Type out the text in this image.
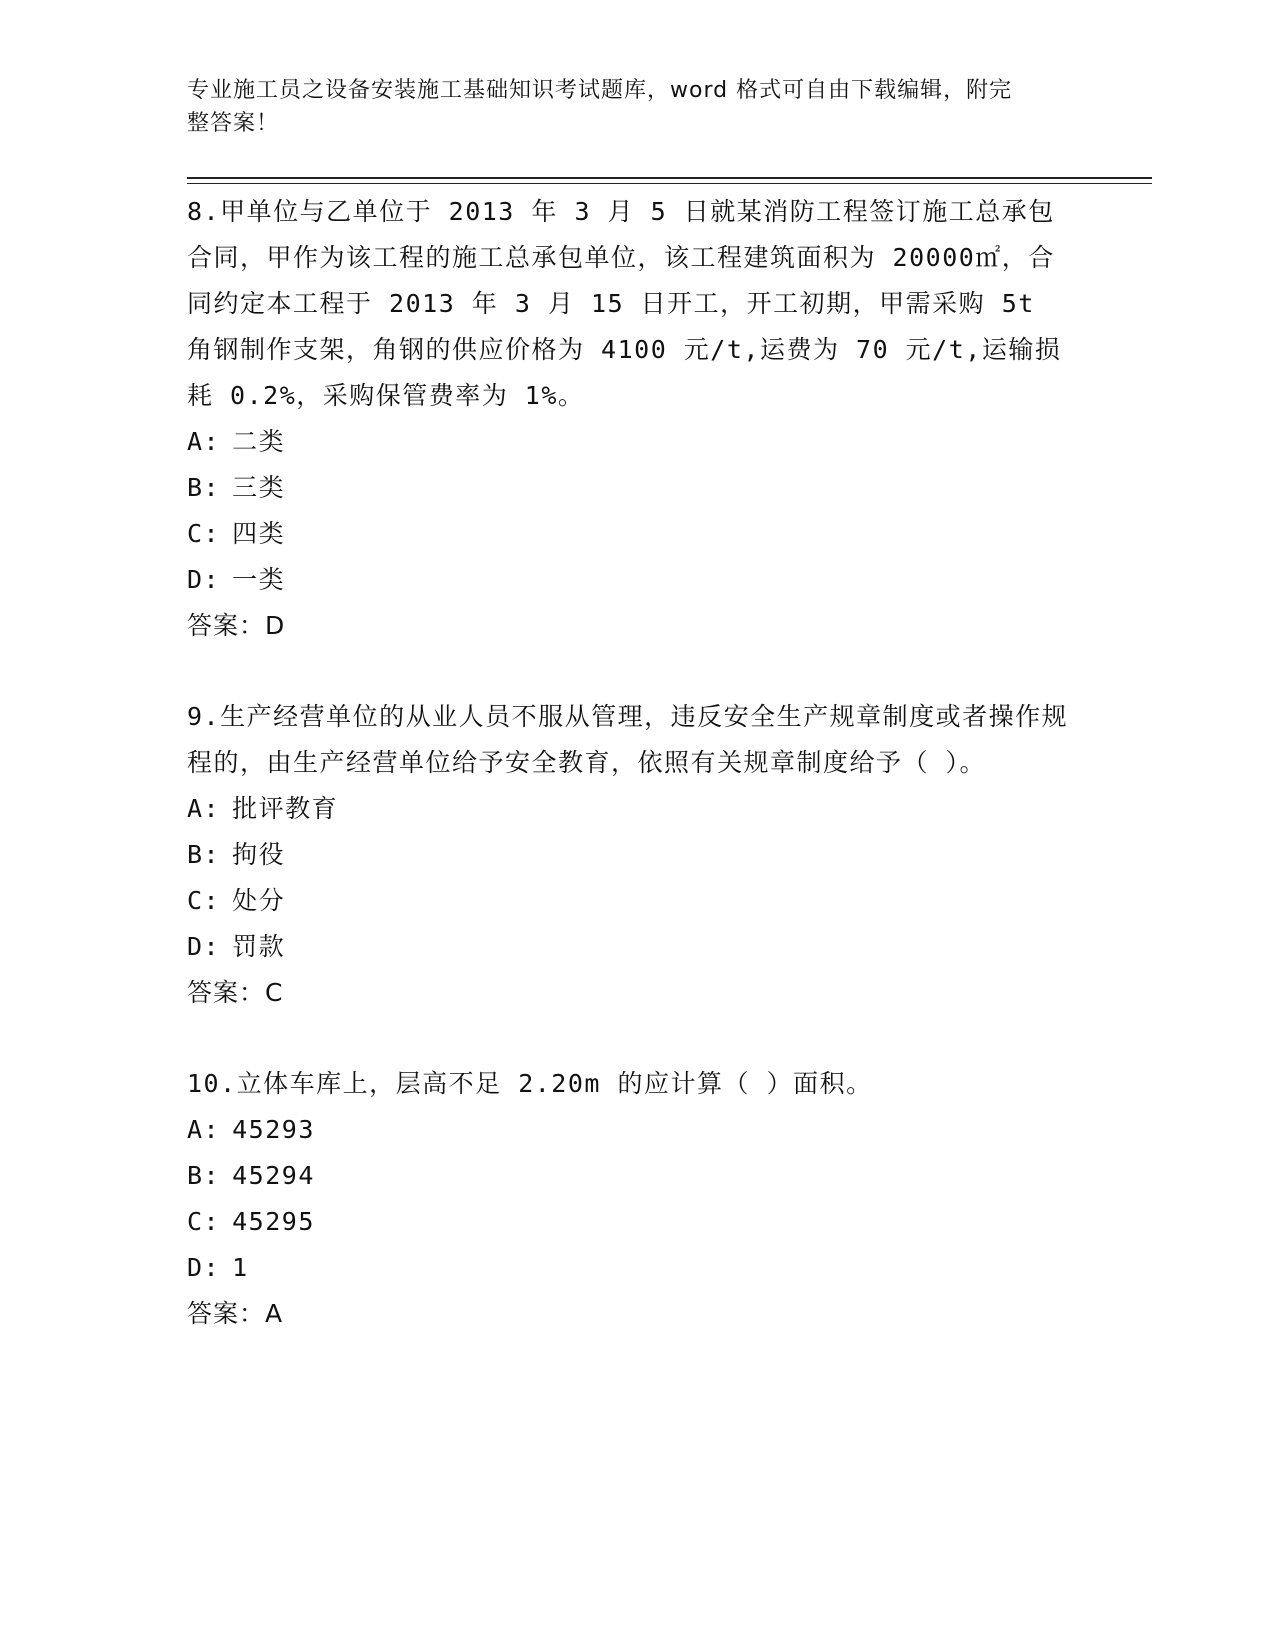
专业施工员之设备安装施工基础知识考试题库，word 格式可自由下载编辑，附完
整答案！

8.甲单位与乙单位于 2013 年 3 月 5 日就某消防工程签订施工总承包合同，甲作为该工程的施工总承包单位，该工程建筑面积为 20000㎡，合同约定本工程于 2013 年 3 月 15 日开工，开工初期，甲需采购 5t 角钢制作支架，角钢的供应价格为 4100 元/t,运费为 70 元/t,运输损耗 0.2%，采购保管费率为 1%。

A: 二类
B: 三类
C: 四类
D: 一类
答案：D

9.生产经营单位的从业人员不服从管理，违反安全生产规章制度或者操作规程的，由生产经营单位给予安全教育，依照有关规章制度给予（ ）。

A: 批评教育
B: 拘役
C: 处分
D: 罚款
答案：C

10.立体车库上，层高不足 2.20m 的应计算（ ）面积。

A: 45293
B: 45294
C: 45295
D: 1
答案：A
